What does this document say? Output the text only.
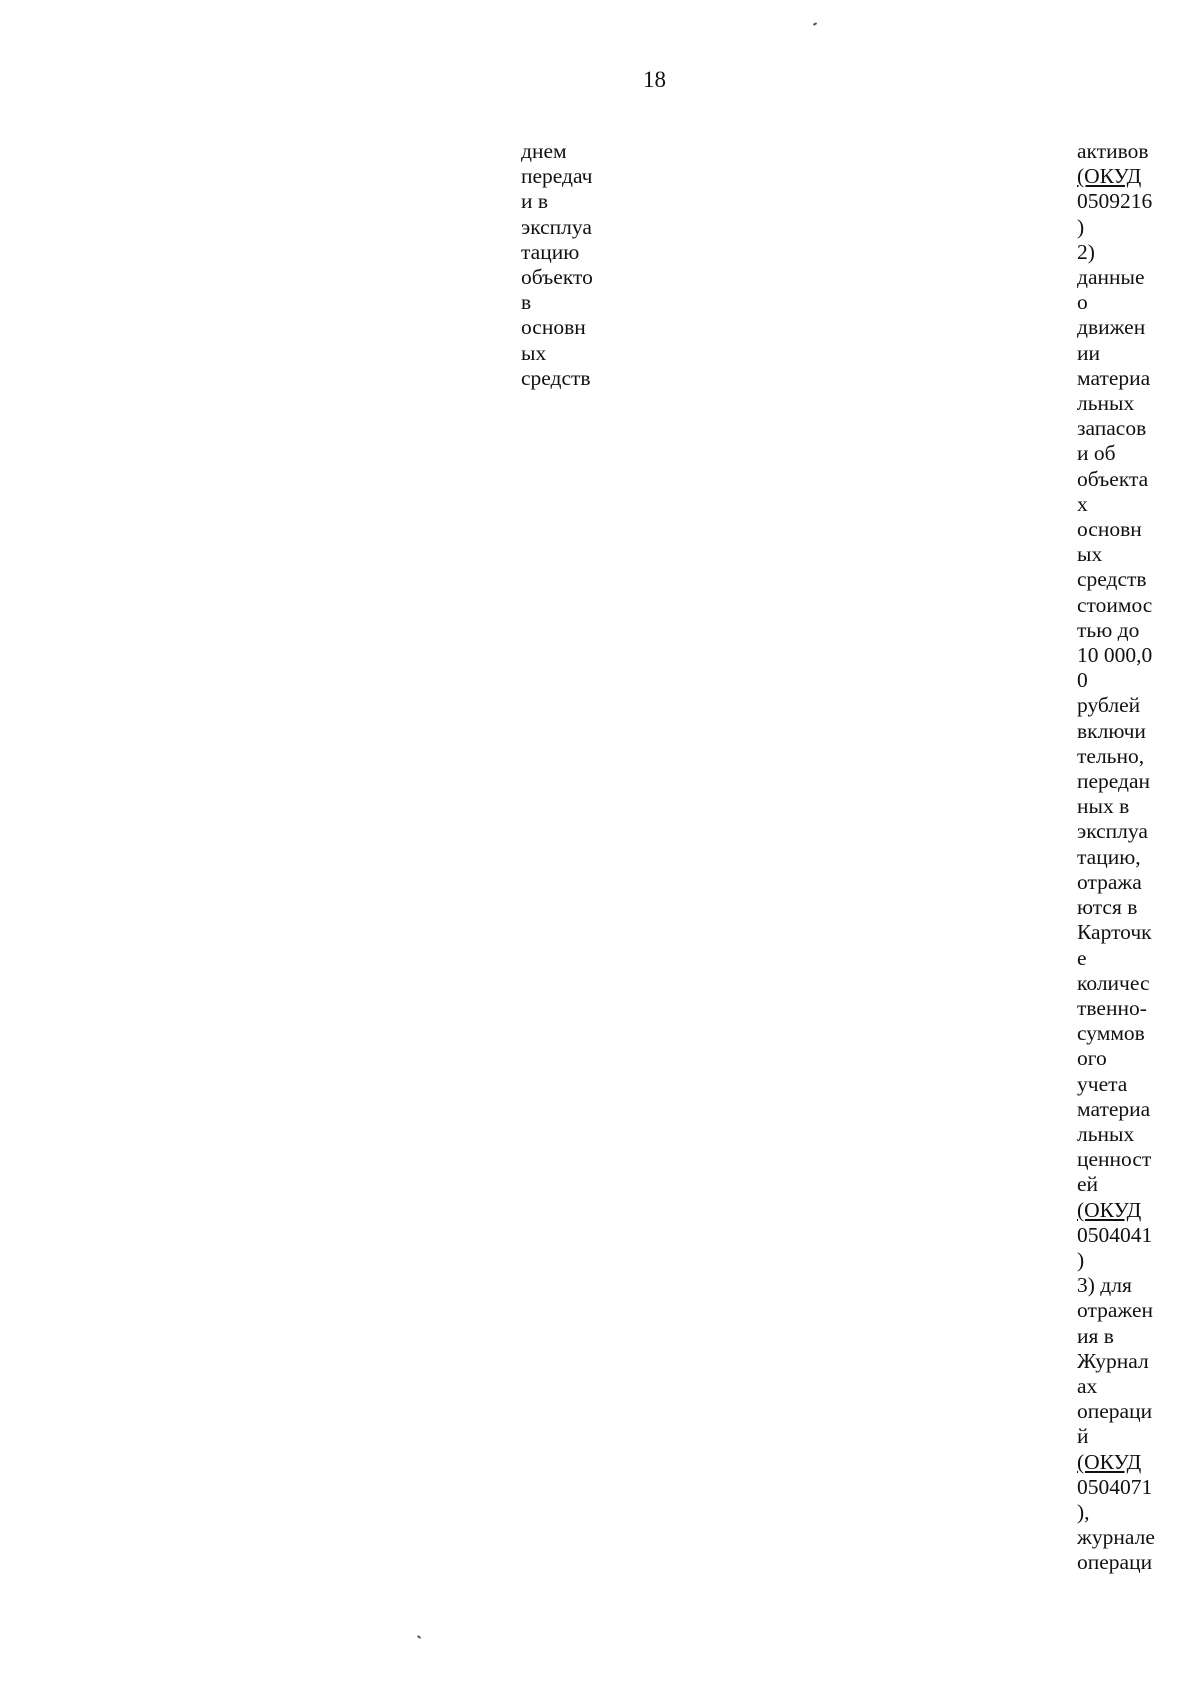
18
днем
передач
и в
эксплуа
тацию
объекто
в
основн
ых
средств
активов
(ОКУД
0509216
)
2)
данные
о
движен
ии
материа
льных
запасов
и об
объекта
х
основн
ых
средств
стоимос
тью до
10 000,0
0
рублей
включи
тельно,
передан
ных в
эксплуа
тацию,
отража
ются в
Карточк
е
количес
твенно-
суммов
ого
учета
материа
льных
ценност
ей
(ОКУД
0504041
)
3) для
отражен
ия в
Журнал
ах
операци
й
(ОКУД
0504071
),
журнале
операци
